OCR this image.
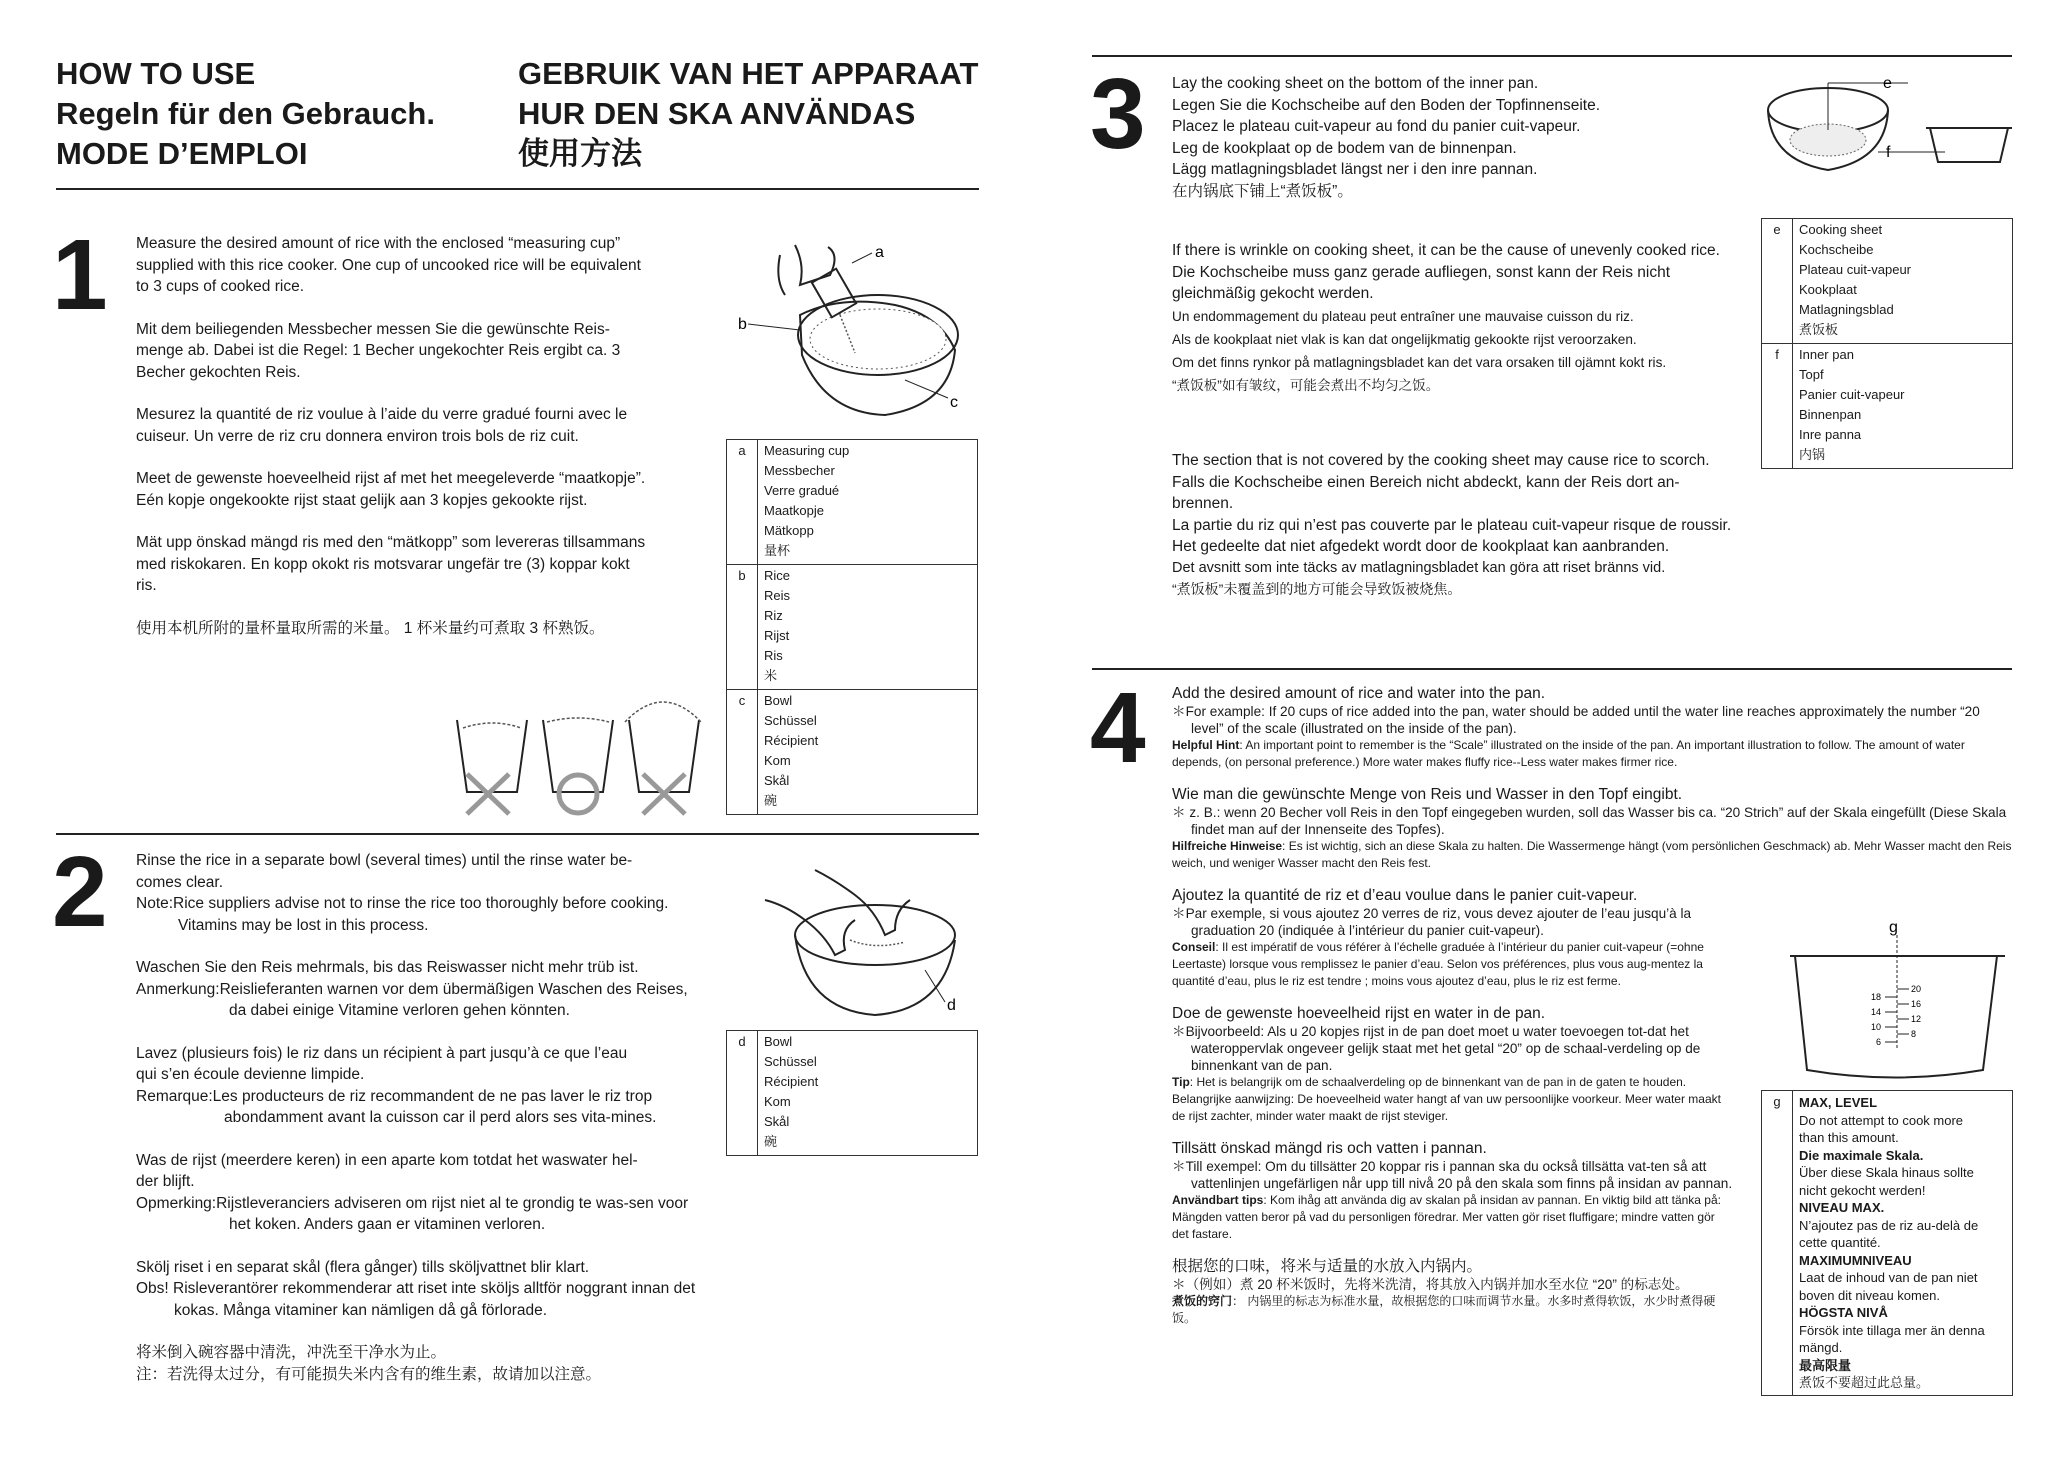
HOW TO USE
Regeln für den Gebrauch.
MODE D’EMPLOI
GEBRUIK VAN HET APPARAAT
HUR DEN SKA ANVÄNDAS
使用方法
1 Measure the desired amount of rice with the enclosed “measuring cup”
supplied with this rice cooker. One cup of uncooked rice will be equivalent
to 3 cups of cooked rice.

Mit dem beiliegenden Messbecher messen Sie die gewünschte Reis-
menge ab. Dabei ist die Regel: 1 Becher ungekochter Reis ergibt ca. 3
Becher gekochten Reis.

Mesurez la quantité de riz voulue à l’aide du verre gradué fourni avec le
cuiseur. Un verre de riz cru donnera environ trois bols de riz cuit.

Meet de gewenste hoeveelheid rijst af met het meegeleverde “maatkopje”.
Eén kopje ongekookte rijst staat gelijk aan 3 kopjes gekookte rijst.

Mät upp önskad mängd ris med den “mätkopp” som levereras tillsammans
med riskokaren. En kopp okokt ris motsvarar ungefär tre (3) koppar kokt
ris.

使用本机所附的量杯量取所需的米量。 1 杯米量约可煮取 3 杯熟饭。

a
b
c
a	Measuring cup
Messbecher
Verre gradué
Maatkopje
Mätkopp
量杯
b	Rice
Reis
Riz
Rijst
Ris
米
c	Bowl
Schüssel
Récipient
Kom
Skål
碗
2 Rinse the rice in a separate bowl (several times) until the rinse water be-
comes clear.
Note:Rice suppliers advise not to rinse the rice too thoroughly before cooking. Vitamins may be lost in this process.
Waschen Sie den Reis mehrmals, bis das Reiswasser nicht mehr trüb ist.
Anmerkung:Reislieferanten warnen vor dem übermäßigen Waschen des Reises, da dabei einige Vitamine verloren gehen könnten.
Lavez (plusieurs fois) le riz dans un récipient à part jusqu’à ce que l’eau
qui s’en écoule devienne limpide.
Remarque:Les producteurs de riz recommandent de ne pas laver le riz trop abondamment avant la cuisson car il perd alors ses vita-mines.
Was de rijst (meerdere keren) in een aparte kom totdat het waswater hel-
der blijft.
Opmerking:Rijstleveranciers adviseren om rijst niet al te grondig te was-sen voor het koken. Anders gaan er vitaminen verloren.
Skölj riset i en separat skål (flera gånger) tills sköljvattnet blir klart.
Obs! Risleverantörer rekommenderar att riset inte sköljs alltför noggrant innan det kokas. Många vitaminer kan nämligen då gå förlorade.
将米倒入碗容器中清洗，冲洗至干净水为止。
注：若洗得太过分，有可能损失米内含有的维生素，故请加以注意。
d
d	Bowl
Schüssel
Récipient
Kom
Skål
碗
3 Lay the cooking sheet on the bottom of the inner pan.
Legen Sie die Kochscheibe auf den Boden der Topfinnenseite.
Placez le plateau cuit-vapeur au fond du panier cuit-vapeur.
Leg de kookplaat op de bodem van de binnenpan.
Lägg matlagningsbladet längst ner i den inre pannan.
在内锅底下铺上“煮饭板”。
If there is wrinkle on cooking sheet, it can be the cause of unevenly cooked rice.
Die Kochscheibe muss ganz gerade aufliegen, sonst kann der Reis nicht gleichmäßig gekocht werden.
Un endommagement du plateau peut entraîner une mauvaise cuisson du riz.
Als de kookplaat niet vlak is kan dat ongelijkmatig gekookte rijst veroorzaken.
Om det finns rynkor på matlagningsbladet kan det vara orsaken till ojämnt kokt ris.
“煮饭板”如有皱纹，可能会煮出不均匀之饭。
The section that is not covered by the cooking sheet may cause rice to scorch.
Falls die Kochscheibe einen Bereich nicht abdeckt, kann der Reis dort an-brennen.
La partie du riz qui n’est pas couverte par le plateau cuit-vapeur risque de roussir.
Het gedeelte dat niet afgedekt wordt door de kookplaat kan aanbranden.
Det avsnitt som inte täcks av matlagningsbladet kan göra att riset bränns vid.
“煮饭板”未覆盖到的地方可能会导致饭被烧焦。
e
f
e	Cooking sheet
Kochscheibe
Plateau cuit-vapeur
Kookplaat
Matlagningsblad
煮饭板
f	Inner pan
Topf
Panier cuit-vapeur
Binnenpan
Inre panna
内锅
4 Add the desired amount of rice and water into the pan.

＊For example: If 20 cups of rice added into the pan, water should be added until the water line reaches approximately the number “20 level” of the scale (illustrated on the inside of the pan).

Helpful Hint: An important point to remember is the “Scale” illustrated on the inside of the pan. An important illustration to follow. The amount of water depends, (on personal preference.) More water makes fluffy rice--Less water makes firmer rice.

Wie man die gewünschte Menge von Reis und Wasser in den Topf eingibt.

＊ z. B.: wenn 20 Becher voll Reis in den Topf eingegeben wurden, soll das Wasser bis ca. “20 Strich” auf der Skala eingefüllt (Diese Skala findet man auf der Innenseite des Topfes).

Hilfreiche Hinweise: Es ist wichtig, sich an diese Skala zu halten. Die Wassermenge hängt (vom persönlichen Geschmack) ab. Mehr Wasser macht den Reis weich, und weniger Wasser macht den Reis fest.

Ajoutez la quantité de riz et d’eau voulue dans le panier cuit-vapeur.

＊Par exemple, si vous ajoutez 20 verres de riz, vous devez ajouter de l’eau jusqu’à la graduation 20 (indiquée à l’intérieur du panier cuit-vapeur).

Conseil: Il est impératif de vous référer à l’échelle graduée à l’intérieur du panier cuit-vapeur (=ohne Leertaste) lorsque vous remplissez le panier d’eau. Selon vos préférences, plus vous aug-mentez la quantité d’eau, plus le riz est tendre ; moins vous ajoutez d’eau, plus le riz est ferme.

Doe de gewenste hoeveelheid rijst en water in de pan.

＊Bijvoorbeeld: Als u 20 kopjes rijst in de pan doet moet u water toevoegen tot-dat het wateroppervlak ongeveer gelijk staat met het getal “20” op de schaal-verdeling op de binnenkant van de pan.

Tip: Het is belangrijk om de schaalverdeling op de binnenkant van de pan in de gaten te houden. Belangrijke aanwijzing: De hoeveelheid water hangt af van uw persoonlijke voorkeur. Meer water maakt de rijst zachter, minder water maakt de rijst steviger.

Tillsätt önskad mängd ris och vatten i pannan.

＊Till exempel: Om du tillsätter 20 koppar ris i pannan ska du också tillsätta vat-ten så att vattenlinjen ungefärligen når upp till nivå 20 på den skala som finns på insidan av pannan.

Användbart tips: Kom ihåg att använda dig av skalan på insidan av pannan. En viktig bild att tänka på: Mängden vatten beror på vad du personligen föredrar. Mer vatten gör riset fluffigare; mindre vatten gör det fastare.

根据您的口味，将米与适量的水放入内锅内。

＊（例如）煮 20 杯米饭时，先将米洗清，将其放入内锅并加水至水位 “20” 的标志处。

煮饭的窍门： 内锅里的标志为标准水量，故根据您的口味而调节水量。水多时煮得软饭，水少时煮得硬饭。

g
18
14
10
6
20
16
12
8
g	MAX, LEVEL
Do not attempt to cook more
than this amount.
Die maximale Skala.
Über diese Skala hinaus sollte
nicht gekocht werden!
NIVEAU MAX.
N’ajoutez pas de riz au-delà de
cette quantité.
MAXIMUMNIVEAU
Laat de inhoud van de pan niet
boven dit niveau komen.
HÖGSTA NIVÅ
Försök inte tillaga mer än denna
mängd.
最高限量
煮饭不要超过此总量。
